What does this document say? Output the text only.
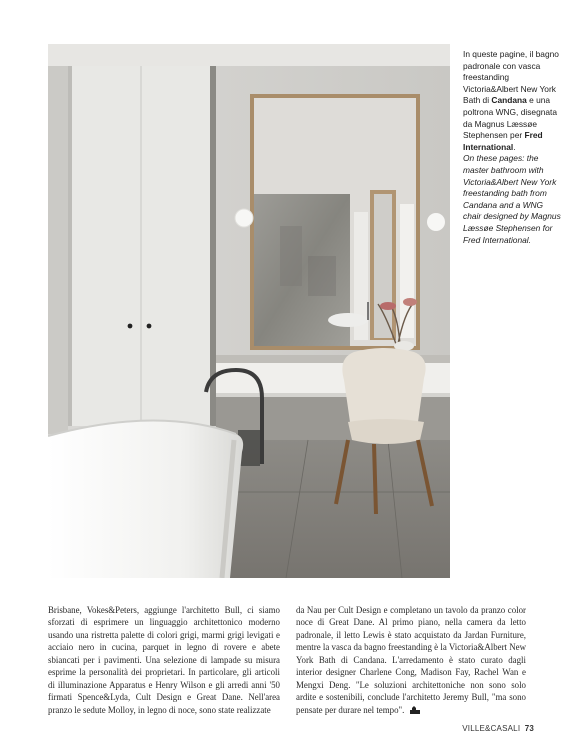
In queste pagine, il bagno padronale con vasca freestanding Victoria&Albert New York Bath di Candana e una poltrona WNG, disegnata da Magnus Læssøe Stephensen per Fred International.
On these pages: the master bathroom with Victoria&Albert New York freestanding bath from Candana and a WNG chair designed by Magnus Læssøe Stephensen for Fred International.
Brisbane, Vokes&Peters, aggiunge l'architetto Bull, ci siamo sforzati di esprimere un linguaggio architettonico moderno usando una ristretta palette di colori grigi, marmi grigi levigati e acciaio nero in cucina, parquet in legno di rovere e abete sbiancati per i pavimenti. Una selezione di lampade su misura esprime la personalità dei proprietari. In particolare, gli articoli di illuminazione Apparatus e Henry Wilson e gli arredi anni '50 firmati Spence&Lyda, Cult Design e Great Dane. Nell'area pranzo le sedute Molloy, in legno di noce, sono state realizzate
da Nau per Cult Design e completano un tavolo da pranzo color noce di Great Dane. Al primo piano, nella camera da letto padronale, il letto Lewis è stato acquistato da Jardan Furniture, mentre la vasca da bagno freestanding è la Victoria&Albert New York Bath di Candana. L'arredamento è stato curato dagli interior designer Charlene Cong, Madison Fay, Rachel Wan e Mengxi Deng. "Le soluzioni architettoniche non sono solo ardite e sostenibili, conclude l'architetto Jeremy Bull, "ma sono pensate per durare nel tempo".
VILLE&CASALI 73
